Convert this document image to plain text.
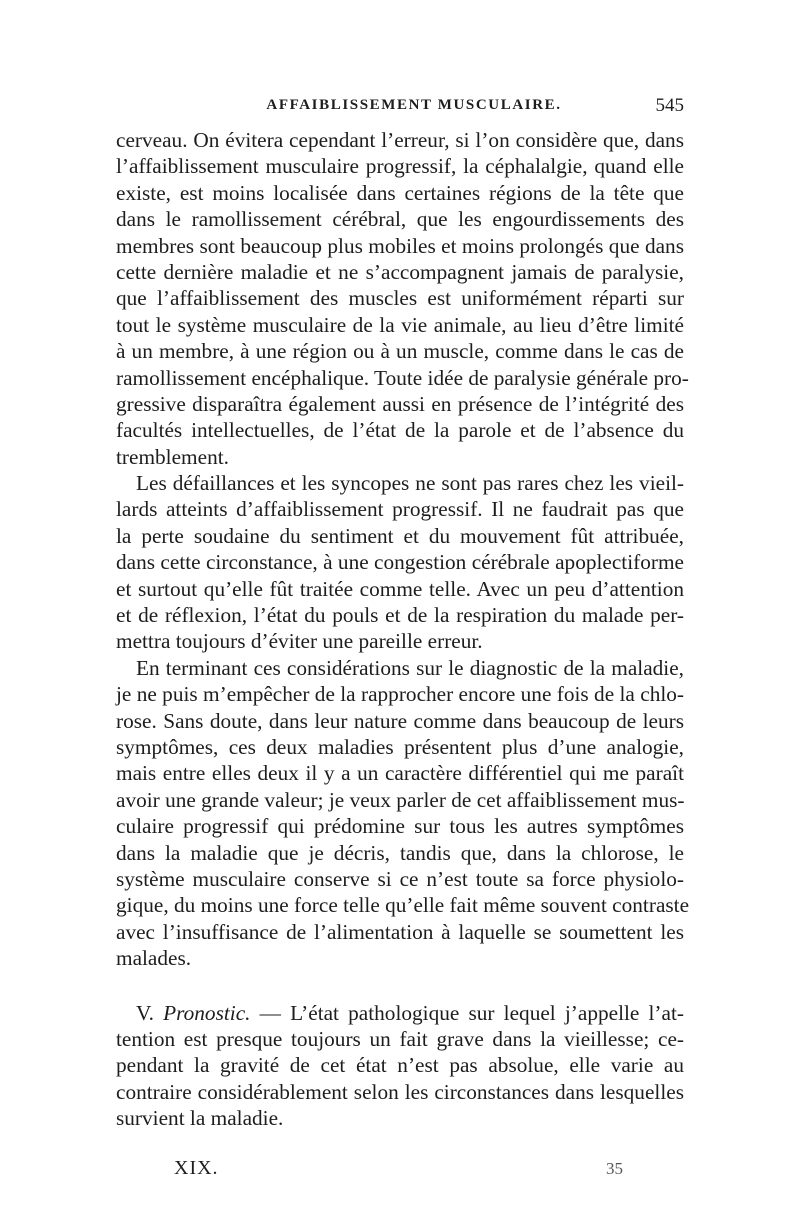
AFFAIBLISSEMENT MUSCULAIRE.	545

cerveau. On évitera cependant l’erreur, si l’on considère que, dans
l’affaiblissement musculaire progressif, la céphalalgie, quand elle
existe, est moins localisée dans certaines régions de la tête que
dans le ramollissement cérébral, que les engourdissements des
membres sont beaucoup plus mobiles et moins prolongés que dans
cette dernière maladie et ne s’accompagnent jamais de paralysie,
que l’affaiblissement des muscles est uniformément réparti sur
tout le système musculaire de la vie animale, au lieu d’être limité
à un membre, à une région ou à un muscle, comme dans le cas de
ramollissement encéphalique. Toute idée de paralysie générale pro-
gressive disparaîtra également aussi en présence de l’intégrité des
facultés intellectuelles, de l’état de la parole et de l’absence du
tremblement.

Les défaillances et les syncopes ne sont pas rares chez les vieil-
lards atteints d’affaiblissement progressif. Il ne faudrait pas que
la perte soudaine du sentiment et du mouvement fût attribuée,
dans cette circonstance, à une congestion cérébrale apoplectiforme
et surtout qu’elle fût traitée comme telle. Avec un peu d’attention
et de réflexion, l’état du pouls et de la respiration du malade per-
mettra toujours d’éviter une pareille erreur.

En terminant ces considérations sur le diagnostic de la maladie,
je ne puis m’empêcher de la rapprocher encore une fois de la chlo-
rose. Sans doute, dans leur nature comme dans beaucoup de leurs
symptômes, ces deux maladies présentent plus d’une analogie,
mais entre elles deux il y a un caractère différentiel qui me paraît
avoir une grande valeur; je veux parler de cet affaiblissement mus-
culaire progressif qui prédomine sur tous les autres symptômes
dans la maladie que je décris, tandis que, dans la chlorose, le
système musculaire conserve si ce n’est toute sa force physiolo-
gique, du moins une force telle qu’elle fait même souvent contraste
avec l’insuffisance de l’alimentation à laquelle se soumettent les
malades.

V. Pronostic. — L’état pathologique sur lequel j’appelle l’at-
tention est presque toujours un fait grave dans la vieillesse; ce-
pendant la gravité de cet état n’est pas absolue, elle varie au
contraire considérablement selon les circonstances dans lesquelles
survient la maladie.

XIX.	35
